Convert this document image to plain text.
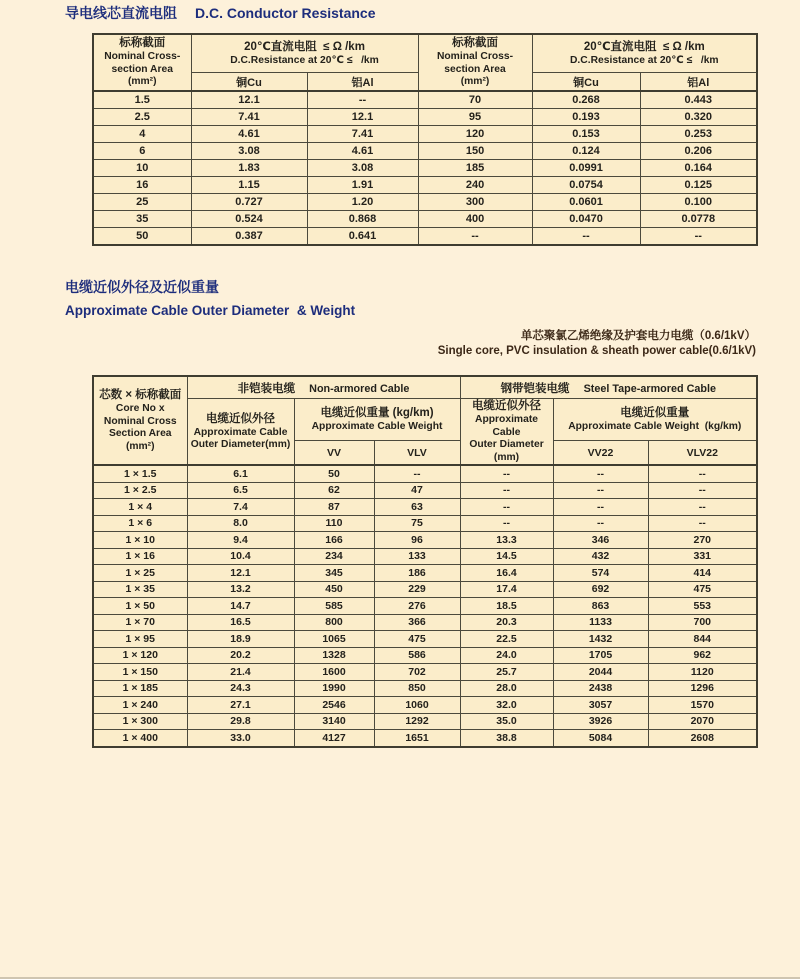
导电线芯直流电阻 D.C. Conductor Resistance
标称截面
Nominal Cross-
section Area
(mm²)

20℃直流电阻  ≤ Ω /km
D.C.Resistance at 20℃ ≤   /km

标称截面
Nominal Cross-
section Area
(mm²)

20℃直流电阻  ≤ Ω /km
D.C.Resistance at 20℃ ≤   /km

	铜Cu	铝Al		铜Cu	铝Al
1.5	12.1	--	70	0.268	0.443
2.5	7.41	12.1	95	0.193	0.320
4	4.61	7.41	120	0.153	0.253
6	3.08	4.61	150	0.124	0.206
10	1.83	3.08	185	0.0991	0.164
16	1.15	1.91	240	0.0754	0.125
25	0.727	1.20	300	0.0601	0.100
35	0.524	0.868	400	0.0470	0.0778
50	0.387	0.641	--	--	--
电缆近似外径及近似重量
Approximate Cable Outer Diameter  & Weight
单芯聚氯乙烯绝缘及护套电力电缆（0.6/1kV）
Single core, PVC insulation & sheath power cable(0.6/1kV)
芯数 × 标称截面
Core No x
Nominal Cross
Section Area
(mm²)	非铠装电缆 Non-armored Cable			钢带铠装电缆 Steel Tape-armored Cable		

电缆近似外径
Approximate Cable
Outer Diameter(mm)

电缆近似重量 (kg/km)
Approximate Cable Weight

电缆近似外径
Approximate Cable
Outer Diameter
(mm)

电缆近似重量
Approximate Cable Weight  (kg/km)

		VV	VLV		VV22	VLV22
1 × 1.5	6.1	50	--	--	--	--
1 × 2.5	6.5	62	47	--	--	--
1 × 4	7.4	87	63	--	--	--
1 × 6	8.0	110	75	--	--	--
1 × 10	9.4	166	96	13.3	346	270
1 × 16	10.4	234	133	14.5	432	331
1 × 25	12.1	345	186	16.4	574	414
1 × 35	13.2	450	229	17.4	692	475
1 × 50	14.7	585	276	18.5	863	553
1 × 70	16.5	800	366	20.3	1133	700
1 × 95	18.9	1065	475	22.5	1432	844
1 × 120	20.2	1328	586	24.0	1705	962
1 × 150	21.4	1600	702	25.7	2044	1120
1 × 185	24.3	1990	850	28.0	2438	1296
1 × 240	27.1	2546	1060	32.0	3057	1570
1 × 300	29.8	3140	1292	35.0	3926	2070
1 × 400	33.0	4127	1651	38.8	5084	2608
